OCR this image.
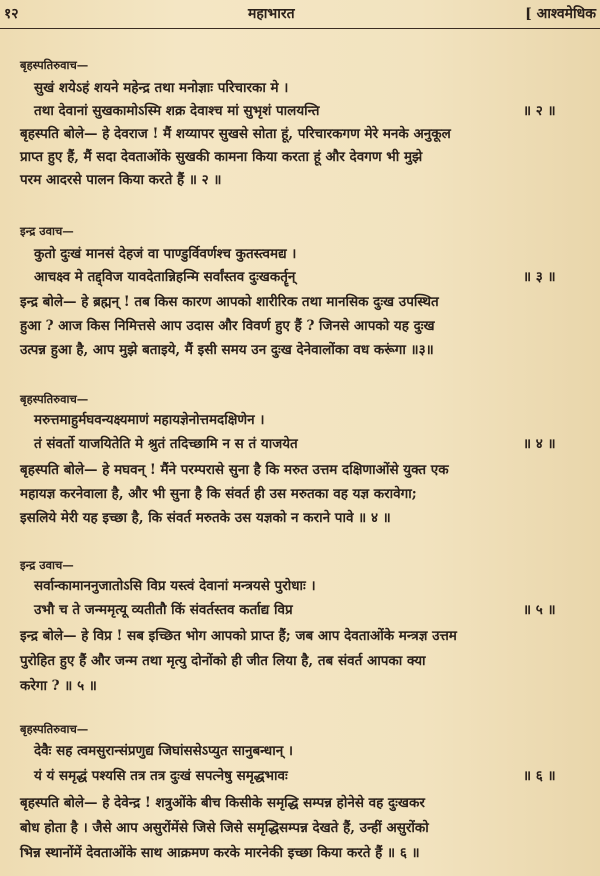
१२	महाभारत	[ आश्वमेधिक
बृहस्पतिरुवाच—
सुखं शयेऽहं शयने महेन्द्र तथा मनोज्ञाः परिचारका मे ।
तथा देवानां सुखकामोऽस्मि शक्र देवाश्च मां सुभृशं पालयन्ति	॥ २ ॥
बृहस्पति बोले— हे देवराज ! मैं शय्यापर सुखसे सोता हूं, परिचारकगण मेरे मनके अनुकूल
प्राप्त हुए हैं, मैं सदा देवताओंके सुखकी कामना किया करता हूं और देवगण भी मुझे
परम आदरसे पालन किया करते हैं ॥ २ ॥
इन्द्र उवाच—
कुतो दुःखं मानसं देहजं वा पाण्डुर्विवर्णश्च कुतस्त्वमद्य ।
आचक्ष्व मे तद्द्विज यावदेतान्निहन्मि सर्वांस्तव दुःखकर्तॄन्	॥ ३ ॥
इन्द्र बोले— हे ब्रह्मन् ! तब किस कारण आपको शारीरिक तथा मानसिक दुःख उपस्थित
हुआ ? आज किस निमित्तसे आप उदास और विवर्ण हुए हैं ? जिनसे आपको यह दुःख
उत्पन्न हुआ है, आप मुझे बताइये, मैं इसी समय उन दुःख देनेवालोंका वध करूंगा ॥३॥
बृहस्पतिरुवाच—
मरुत्तमाहुर्मघवन्यक्ष्यमाणं महायज्ञेनोत्तमदक्षिणेन ।
तं संवर्तो याजयितेति मे श्रुतं तदिच्छामि न स तं याजयेत	॥ ४ ॥
बृहस्पति बोले— हे मघवन् ! मैंने परम्परासे सुना है कि मरुत उत्तम दक्षिणाओंसे युक्त एक
महायज्ञ करनेवाला है, और भी सुना है कि संवर्त ही उस मरुतका वह यज्ञ करावेगा;
इसलिये मेरी यह इच्छा है, कि संवर्त मरुतके उस यज्ञको न कराने पावे ॥ ४ ॥
इन्द्र उवाच—
सर्वान्कामाननुजातोऽसि विप्र यस्त्वं देवानां मन्त्रयसे पुरोधाः ।
उभौ च ते जन्ममृत्यू व्यतीतौ किं संवर्तस्तव कर्ताद्य विप्र	॥ ५ ॥
इन्द्र बोले— हे विप्र ! सब इच्छित भोग आपको प्राप्त हैं; जब आप देवताओंके मन्त्रज्ञ उत्तम
पुरोहित हुए हैं और जन्म तथा मृत्यु दोनोंको ही जीत लिया है, तब संवर्त आपका क्या
करेगा ? ॥ ५ ॥
बृहस्पतिरुवाच—
देवैः सह त्वमसुरान्संप्रणुद्य जिघांससेऽप्युत सानुबन्धान् ।
यं यं समृद्धं पश्यसि तत्र तत्र दुःखं सपत्नेषु समृद्धभावः	॥ ६ ॥
बृहस्पति बोले— हे देवेन्द्र ! शत्रुओंके बीच किसीके समृद्धि सम्पन्न होनेसे वह दुःखकर
बोध होता है । जैसे आप असुरोंमेंसे जिसे जिसे समृद्धिसम्पन्न देखते हैं, उन्हीं असुरोंको
भिन्न स्थानोंमें देवताओंके साथ आक्रमण करके मारनेकी इच्छा किया करते हैं ॥ ६ ॥
